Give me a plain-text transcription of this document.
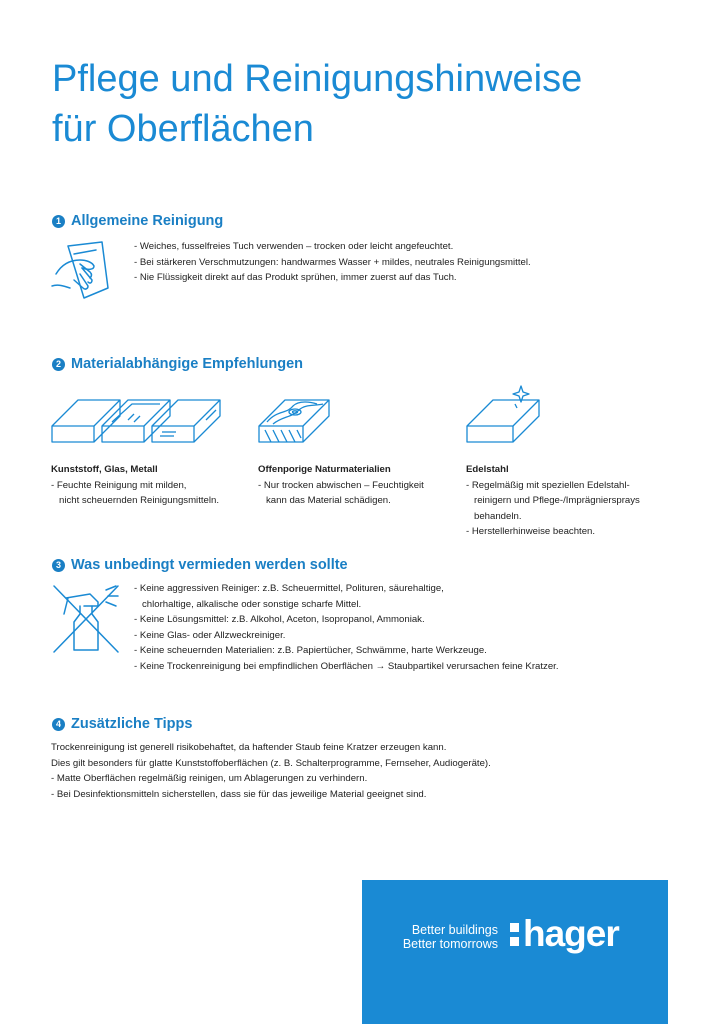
Pflege und Reinigungshinweise
für Oberflächen
1 Allgemeine Reinigung
- Weiches, fusselfreies Tuch verwenden – trocken oder leicht angefeuchtet.
- Bei stärkeren Verschmutzungen: handwarmes Wasser + mildes, neutrales Reinigungsmittel.
- Nie Flüssigkeit direkt auf das Produkt sprühen, immer zuerst auf das Tuch.
2 Materialabhängige Empfehlungen
Kunststoff, Glas, Metall
- Feuchte Reinigung mit milden,
nicht scheuernden Reinigungsmitteln.
Offenporige Naturmaterialien
- Nur trocken abwischen – Feuchtigkeit
kann das Material schädigen.
Edelstahl
- Regelmäßig mit speziellen Edelstahl-
reinigern und Pflege-/Imprägniersprays
behandeln.
- Herstellerhinweise beachten.
3 Was unbedingt vermieden werden sollte
- Keine aggressiven Reiniger: z.B. Scheuermittel, Polituren, säurehaltige,
chlorhaltige, alkalische oder sonstige scharfe Mittel.
- Keine Lösungsmittel: z.B. Alkohol, Aceton, Isopropanol, Ammoniak.
- Keine Glas- oder Allzweckreiniger.
- Keine scheuernden Materialien: z.B. Papiertücher, Schwämme, harte Werkzeuge.
- Keine Trockenreinigung bei empfindlichen Oberflächen → Staubpartikel verursachen feine Kratzer.
4 Zusätzliche Tipps
Trockenreinigung ist generell risikobehaftet, da haftender Staub feine Kratzer erzeugen kann.
Dies gilt besonders für glatte Kunststoffoberflächen (z. B. Schalterprogramme, Fernseher, Audiogeräte).
- Matte Oberflächen regelmäßig reinigen, um Ablagerungen zu verhindern.
- Bei Desinfektionsmitteln sicherstellen, dass sie für das jeweilige Material geeignet sind.
Better buildings
Better tomorrows hager
